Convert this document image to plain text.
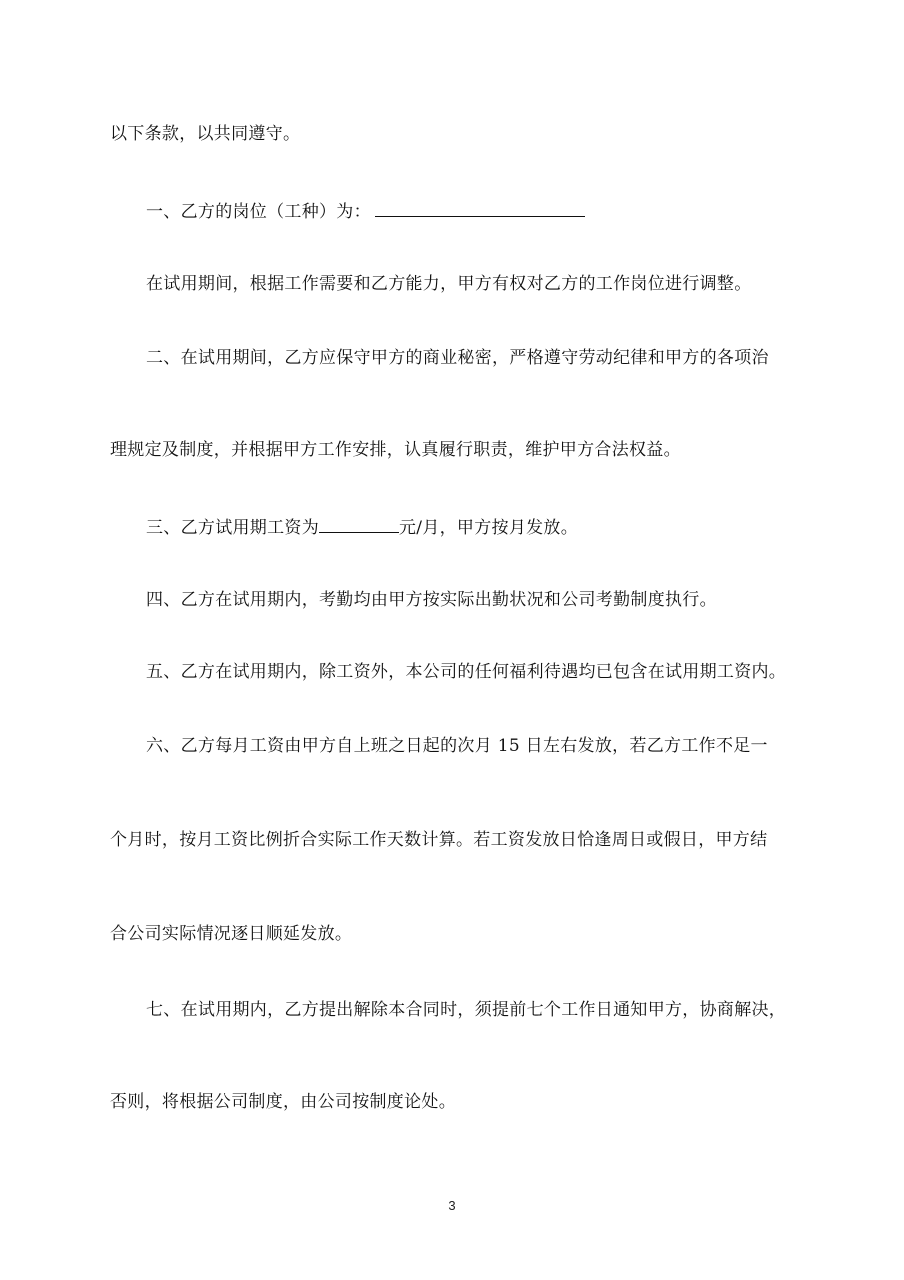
以下条款，以共同遵守。
一、乙方的岗位（工种）为：
在试用期间，根据工作需要和乙方能力，甲方有权对乙方的工作岗位进行调整。
二、在试用期间，乙方应保守甲方的商业秘密，严格遵守劳动纪律和甲方的各项治
理规定及制度，并根据甲方工作安排，认真履行职责，维护甲方合法权益。
三、乙方试用期工资为	元/月，甲方按月发放。
四、乙方在试用期内，考勤均由甲方按实际出勤状况和公司考勤制度执行。
五、乙方在试用期内，除工资外，本公司的任何福利待遇均已包含在试用期工资内。
六、乙方每月工资由甲方自上班之日起的次月 15 日左右发放，若乙方工作不足一
个月时，按月工资比例折合实际工作天数计算。若工资发放日恰逢周日或假日，甲方结
合公司实际情况逐日顺延发放。
七、在试用期内，乙方提出解除本合同时，须提前七个工作日通知甲方，协商解决，
否则，将根据公司制度，由公司按制度论处。
3
